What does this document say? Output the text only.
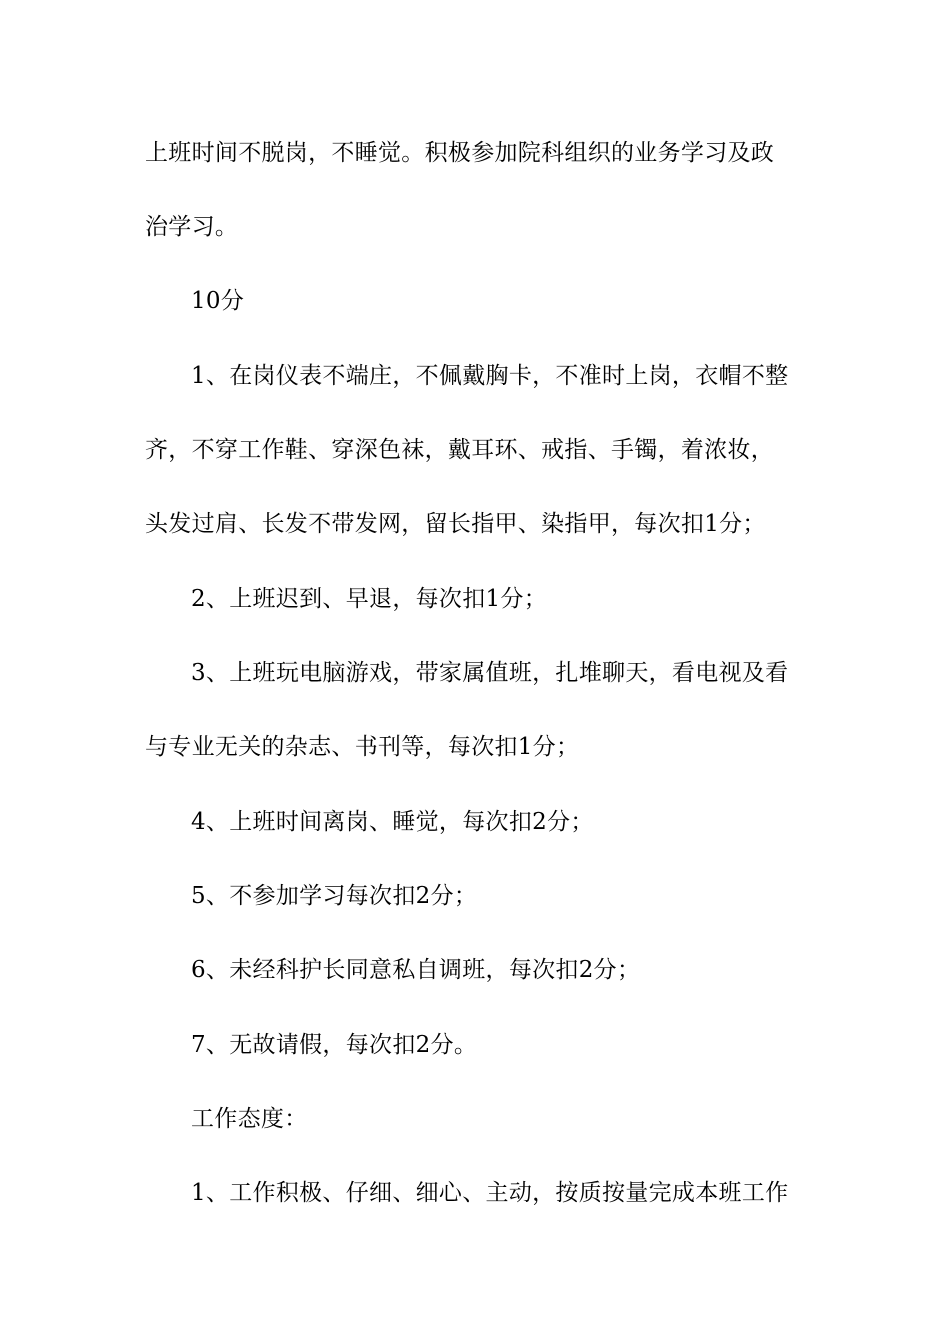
上班时间不脱岗，不睡觉。积极参加院科组织的业务学习及政
治学习。
10分
1、在岗仪表不端庄，不佩戴胸卡，不准时上岗，衣帽不整
齐，不穿工作鞋、穿深色袜，戴耳环、戒指、手镯，着浓妆，
头发过肩、长发不带发网，留长指甲、染指甲，每次扣1分；
2、上班迟到、早退，每次扣1分；
3、上班玩电脑游戏，带家属值班，扎堆聊天，看电视及看
与专业无关的杂志、书刊等，每次扣1分；
4、上班时间离岗、睡觉，每次扣2分；
5、不参加学习每次扣2分；
6、未经科护长同意私自调班，每次扣2分；
7、无故请假，每次扣2分。
工作态度：
1、工作积极、仔细、细心、主动，按质按量完成本班工作
